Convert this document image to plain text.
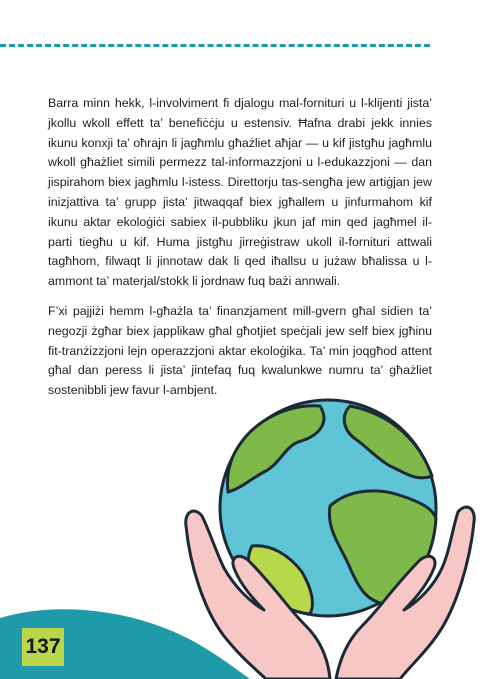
Barra minn hekk, l-involviment fi djalogu mal-fornituri u l-klijenti jista’ jkollu wkoll effett ta’ benefiċċju u estensiv. Ħafna drabi jekk innies ikunu konxji ta’ oħrajn li jagħmlu għażliet aħjar — u kif jistgħu jagħmlu wkoll għażliet simili permezz tal-informazzjoni u l-edukazzjoni — dan jispirahom biex jagħmlu l-istess. Direttorju tas-sengħa jew artiġjan jew inizjattiva ta’ grupp jista’ jitwaqqaf biex jgħallem u jinfurmahom kif ikunu aktar ekoloġiċi sabiex il-pubbliku jkun jaf min qed jagħmel il-parti tiegħu u kif. Huma jistgħu jirreġistraw ukoll il-fornituri attwali tagħhom, filwaqt li jinnotaw dak li qed iħallsu u jużaw bħalissa u l-ammont ta’ materjal/stokk li jordnaw fuq bażi annwali.

F’xi pajjiżi hemm l-għażla ta’ finanzjament mill-gvern għal sidien ta’ negozji żgħar biex japplikaw għal għotjiet speċjali jew self biex jgħinu fit-tranżizzjoni lejn operazzjoni aktar ekoloġika. Ta’ min joqgħod attent għal dan peress li jista’ jintefaq fuq kwalunkwe numru ta’ għażliet sostenibbli jew favur l-ambjent.

137
